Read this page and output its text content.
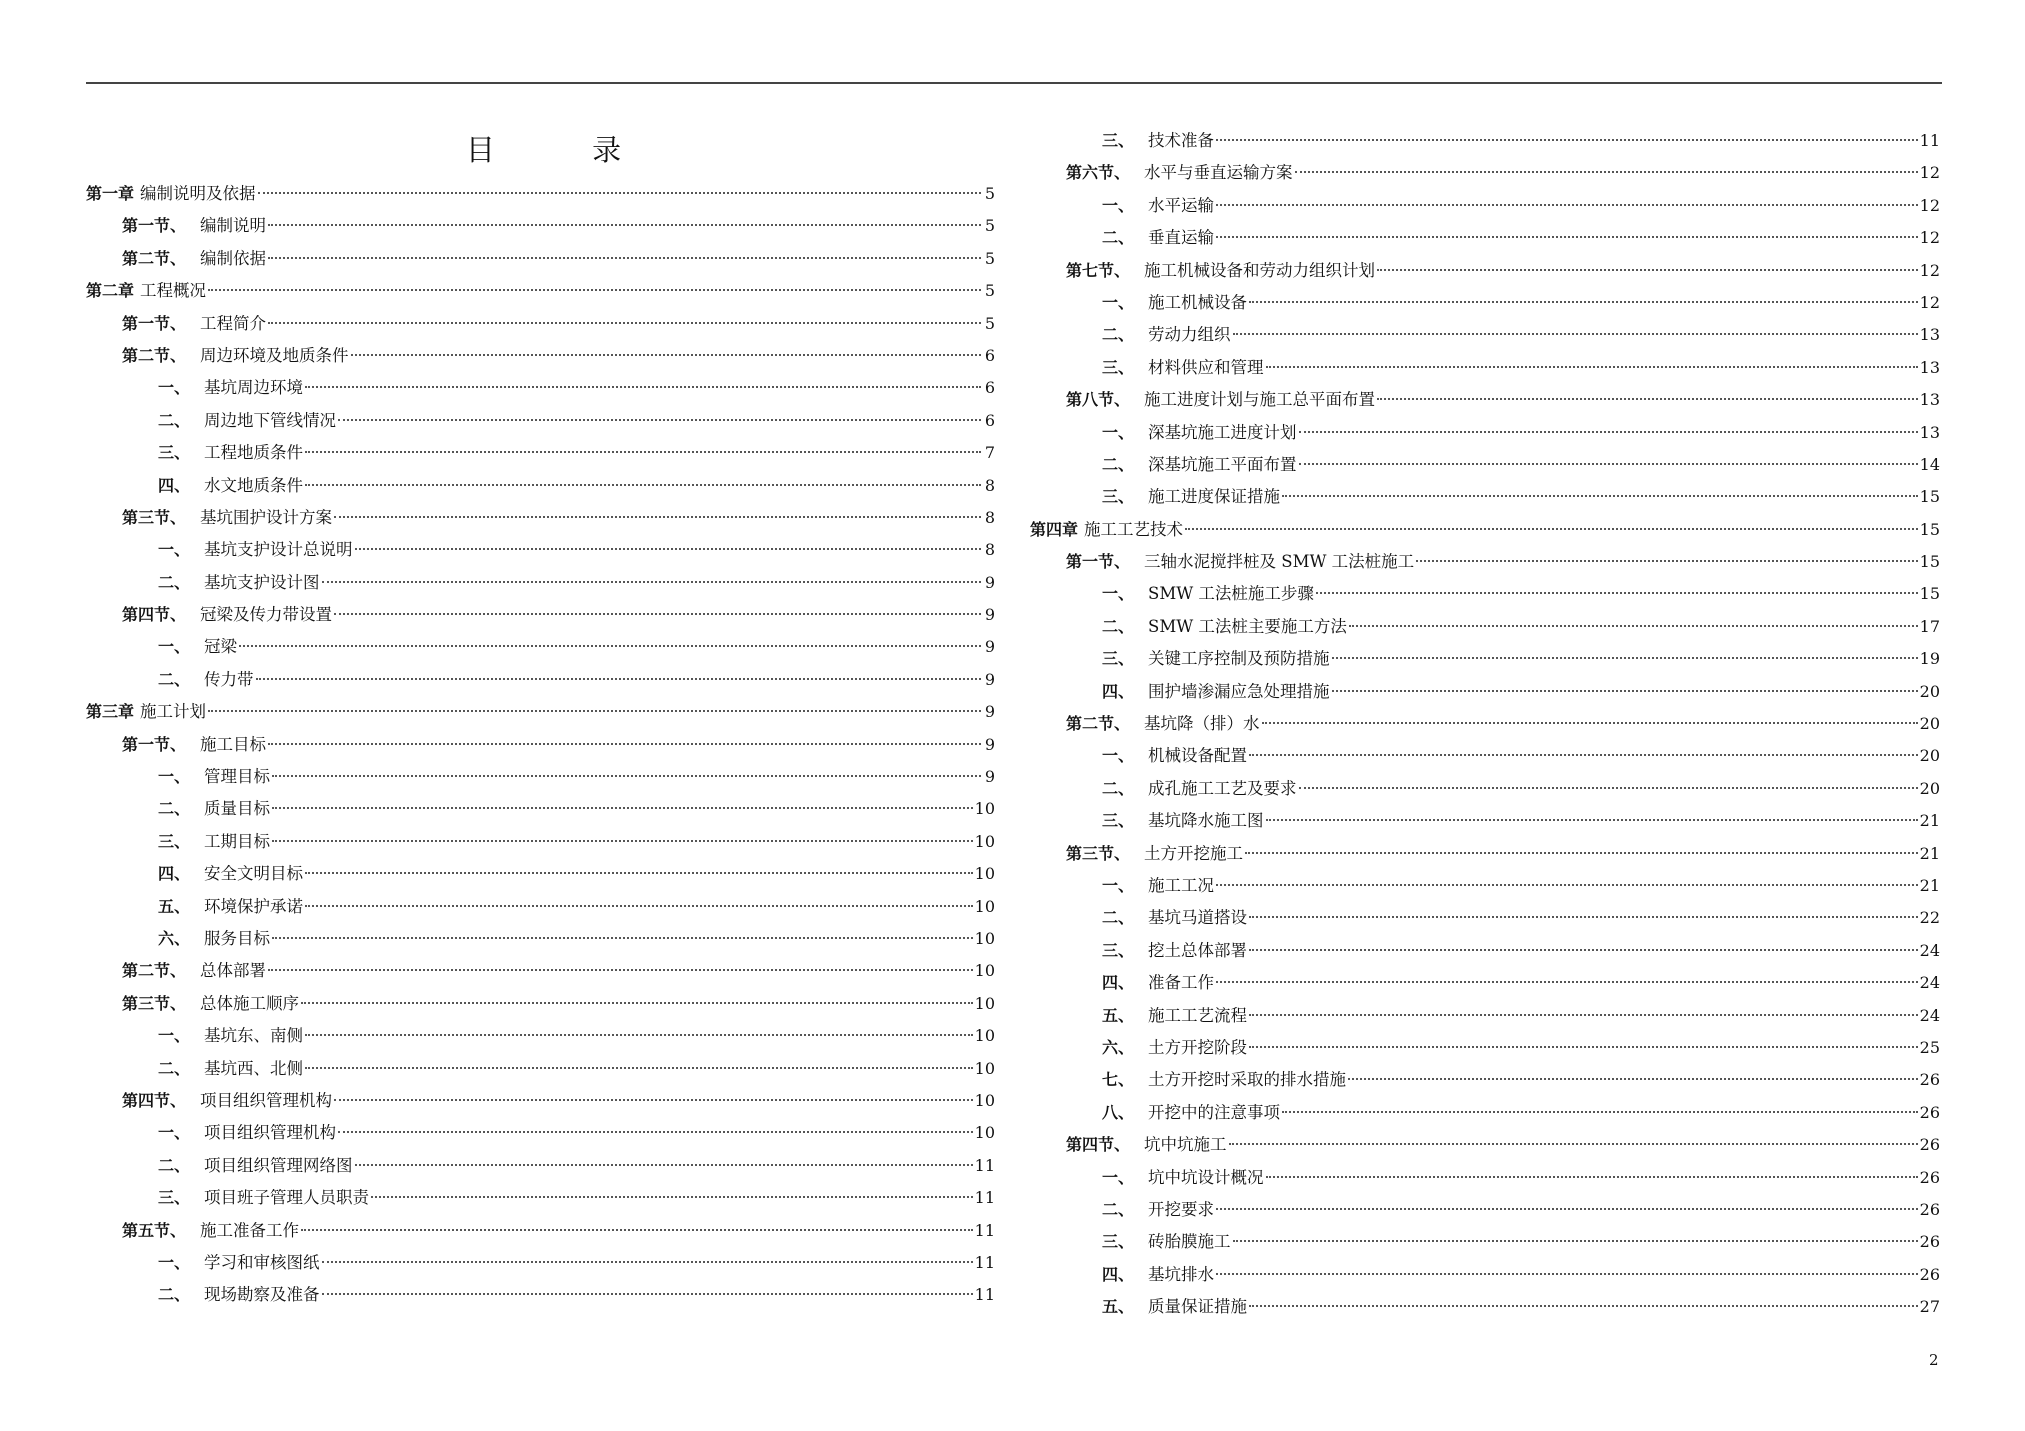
目 录
第一章 编制说明及依据	5
第一节、 编制说明	5
第二节、 编制依据	5
第二章 工程概况	5
第一节、 工程简介	5
第二节、 周边环境及地质条件	6
一、 基坑周边环境	6
二、 周边地下管线情况	6
三、 工程地质条件	7
四、 水文地质条件	8
第三节、 基坑围护设计方案	8
一、 基坑支护设计总说明	8
二、 基坑支护设计图	9
第四节、 冠梁及传力带设置	9
一、 冠梁	9
二、 传力带	9
第三章 施工计划	9
第一节、 施工目标	9
一、 管理目标	9
二、 质量目标	10
三、 工期目标	10
四、 安全文明目标	10
五、 环境保护承诺	10
六、 服务目标	10
第二节、 总体部署	10
第三节、 总体施工顺序	10
一、 基坑东、南侧	10
二、 基坑西、北侧	10
第四节、 项目组织管理机构	10
一、 项目组织管理机构	10
二、 项目组织管理网络图	11
三、 项目班子管理人员职责	11
第五节、 施工准备工作	11
一、 学习和审核图纸	11
二、 现场勘察及准备	11
三、 技术准备	11
第六节、 水平与垂直运输方案	12
一、 水平运输	12
二、 垂直运输	12
第七节、 施工机械设备和劳动力组织计划	12
一、 施工机械设备	12
二、 劳动力组织	13
三、 材料供应和管理	13
第八节、 施工进度计划与施工总平面布置	13
一、 深基坑施工进度计划	13
二、 深基坑施工平面布置	14
三、 施工进度保证措施	15
第四章 施工工艺技术	15
第一节、 三轴水泥搅拌桩及 SMW 工法桩施工	15
一、 SMW 工法桩施工步骤	15
二、 SMW 工法桩主要施工方法	17
三、 关键工序控制及预防措施	19
四、 围护墙渗漏应急处理措施	20
第二节、 基坑降（排）水	20
一、 机械设备配置	20
二、 成孔施工工艺及要求	20
三、 基坑降水施工图	21
第三节、 土方开挖施工	21
一、 施工工况	21
二、 基坑马道搭设	22
三、 挖土总体部署	24
四、 准备工作	24
五、 施工工艺流程	24
六、 土方开挖阶段	25
七、 土方开挖时采取的排水措施	26
八、 开挖中的注意事项	26
第四节、 坑中坑施工	26
一、 坑中坑设计概况	26
二、 开挖要求	26
三、 砖胎膜施工	26
四、 基坑排水	26
五、 质量保证措施	27
2
